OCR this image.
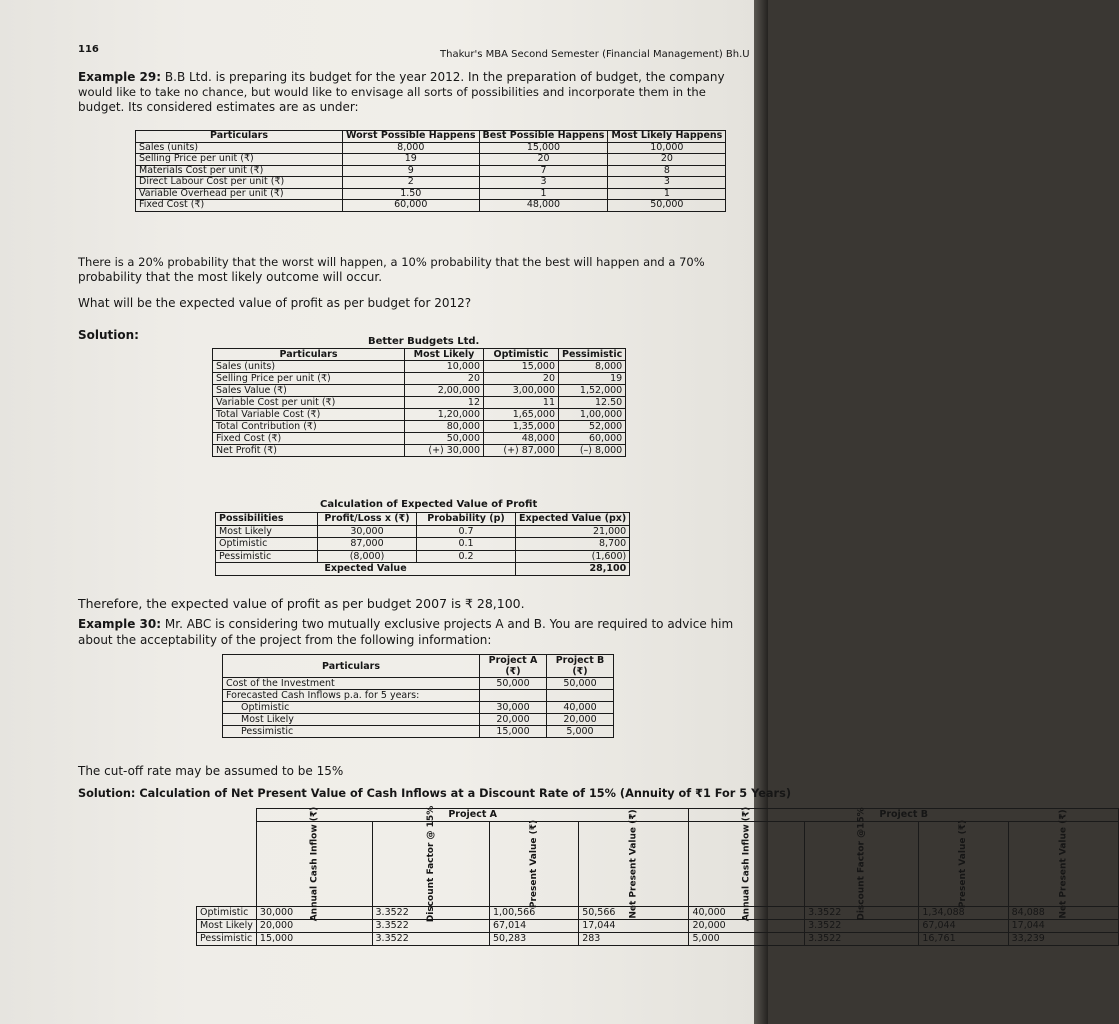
116	Thakur's MBA Second Semester (Financial Management) Bh.U
Example 29: B.B Ltd. is preparing its budget for the year 2012. In the preparation of budget, the company
would like to take no chance, but would like to envisage all sorts of possibilities and incorporate them in the
budget. Its considered estimates are as under:
Particulars	Worst Possible Happens	Best Possible Happens	Most Likely Happens
Sales (units)	8,000	15,000	10,000
Selling Price per unit (₹)	19	20	20
Materials Cost per unit (₹)	9	7	8
Direct Labour Cost per unit (₹)	2	3	3
Variable Overhead per unit (₹)	1.50	1	1
Fixed Cost (₹)	60,000	48,000	50,000
There is a 20% probability that the worst will happen, a 10% probability that the best will happen and a 70%
probability that the most likely outcome will occur.
What will be the expected value of profit as per budget for 2012?
Solution:	Better Budgets Ltd.
Particulars	Most Likely	Optimistic	Pessimistic
Sales (units)	10,000	15,000	8,000
Selling Price per unit (₹)	20	20	19
Sales Value (₹)	2,00,000	3,00,000	1,52,000
Variable Cost per unit (₹)	12	11	12.50
Total Variable Cost (₹)	1,20,000	1,65,000	1,00,000
Total Contribution (₹)	80,000	1,35,000	52,000
Fixed Cost (₹)	50,000	48,000	60,000
Net Profit (₹)	(+) 30,000	(+) 87,000	(–) 8,000
Calculation of Expected Value of Profit
Possibilities	Profit/Loss x (₹)	Probability (p)	Expected Value (px)
Most Likely	30,000	0.7	21,000
Optimistic	87,000	0.1	8,700
Pessimistic	(8,000)	0.2	(1,600)
Expected Value			28,100
Therefore, the expected value of profit as per budget 2007 is ₹ 28,100.
Example 30: Mr. ABC is considering two mutually exclusive projects A and B. You are required to advice him
about the acceptability of the project from the following information:
Particulars	Project A (₹)	Project B (₹)
Cost of the Investment	50,000	50,000
Forecasted Cash Inflows p.a. for 5 years:		
Optimistic	30,000	40,000
Most Likely	20,000	20,000
Pessimistic	15,000	5,000
The cut-off rate may be assumed to be 15%
Solution: Calculation of Net Present Value of Cash Inflows at a Discount Rate of 15% (Annuity of ₹1 For 5 Years)
	Project A				Project B			
	Annual Cash Inflow (₹)	Discount Factor @ 15%	Present Value (₹)	Net Present Value (₹)	Annual Cash Inflow (₹)	Discount Factor @15%	Present Value (₹)	Net Present Value (₹)
Optimistic	30,000	3.3522	1,00,566	50,566	40,000	3.3522	1,34,088	84,088
Most Likely	20,000	3.3522	67,014	17,044	20,000	3.3522	67,044	17,044
Pessimistic	15,000	3.3522	50,283	283	5,000	3.3522	16,761	33,239
